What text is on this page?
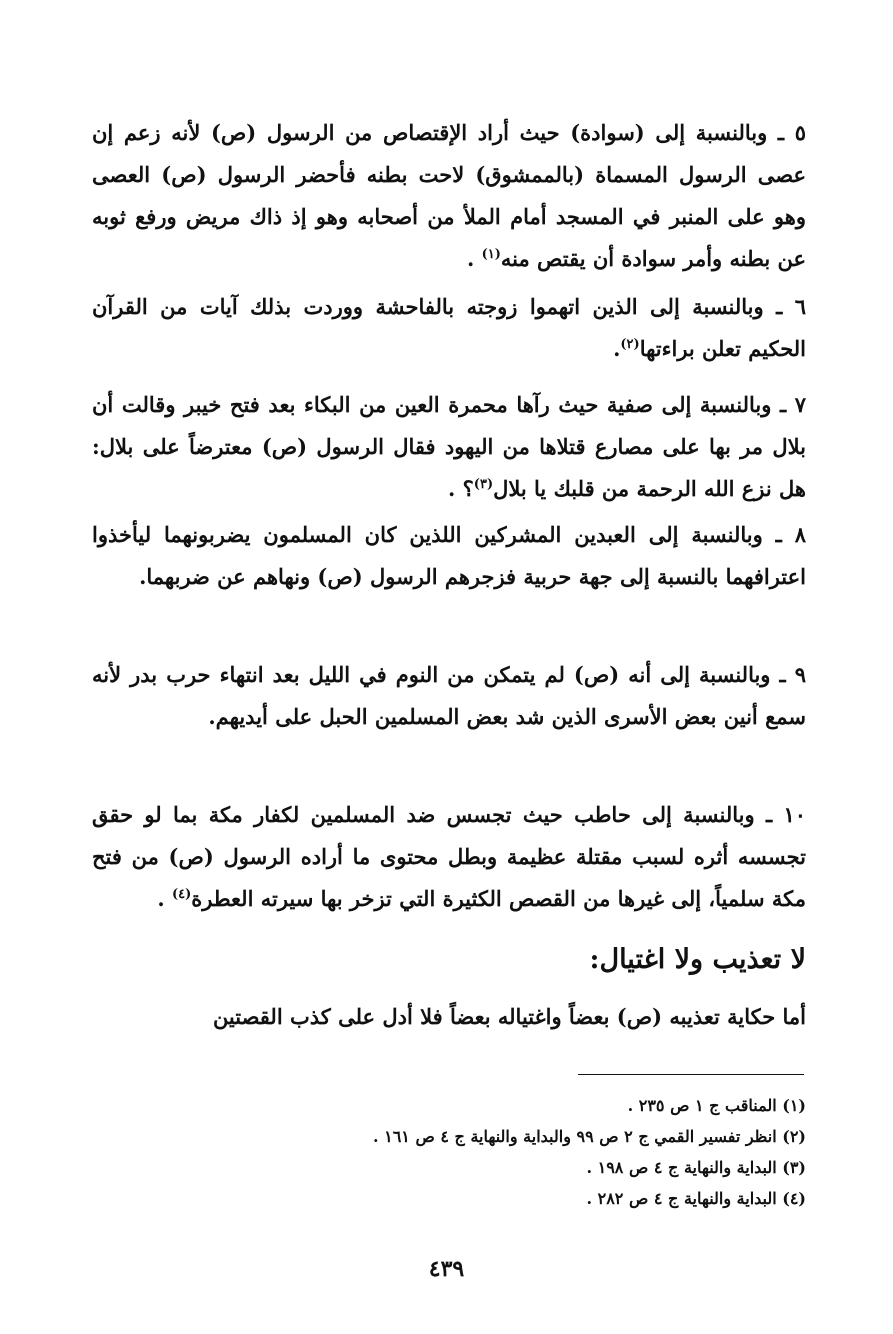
٥ ـ وبالنسبة إلى (سوادة) حيث أراد الإقتصاص من الرسول (ص) لأنه زعم إن عصى الرسول المسماة (بالممشوق) لاحت بطنه فأحضر الرسول (ص) العصى وهو على المنبر في المسجد أمام الملأ من أصحابه وهو إذ ذاك مريض ورفع ثوبه عن بطنه وأمر سوادة أن يقتص منه$^{(١)}$ .
٦ ـ وبالنسبة إلى الذين اتهموا زوجته بالفاحشة ووردت بذلك آيات من القرآن الحكيم تعلن براءتها$^{(٢)}$.
٧ ـ وبالنسبة إلى صفية حيث رآها محمرة العين من البكاء بعد فتح خيبر وقالت أن بلال مر بها على مصارع قتلاها من اليهود فقال الرسول (ص) معترضاً على بلال: هل نزع الله الرحمة من قلبك يا بلال$^{(٣)}$؟ .
٨ ـ وبالنسبة إلى العبدين المشركين اللذين كان المسلمون يضربونهما ليأخذوا اعترافهما بالنسبة إلى جهة حربية فزجرهم الرسول (ص) ونهاهم عن ضربهما.
٩ ـ وبالنسبة إلى أنه (ص) لم يتمكن من النوم في الليل بعد انتهاء حرب بدر لأنه سمع أنين بعض الأسرى الذين شد بعض المسلمين الحبل على أيديهم.
١٠ ـ وبالنسبة إلى حاطب حيث تجسس ضد المسلمين لكفار مكة بما لو حقق تجسسه أثره لسبب مقتلة عظيمة وبطل محتوى ما أراده الرسول (ص) من فتح مكة سلمياً، إلى غيرها من القصص الكثيرة التي تزخر بها سيرته العطرة$^{(٤)}$ .
لا تعذيب ولا اغتيال:
أما حكاية تعذيبه (ص) بعضاً واغتياله بعضاً فلا أدل على كذب القصتين
(١) المناقب ج ١ ص ٢٣٥ .
(٢) انظر تفسير القمي ج ٢ ص ٩٩ والبداية والنهاية ج ٤ ص ١٦١ .
(٣) البداية والنهاية ج ٤ ص ١٩٨ .
(٤) البداية والنهاية ج ٤ ص ٢٨٢ .
٤٣٩
